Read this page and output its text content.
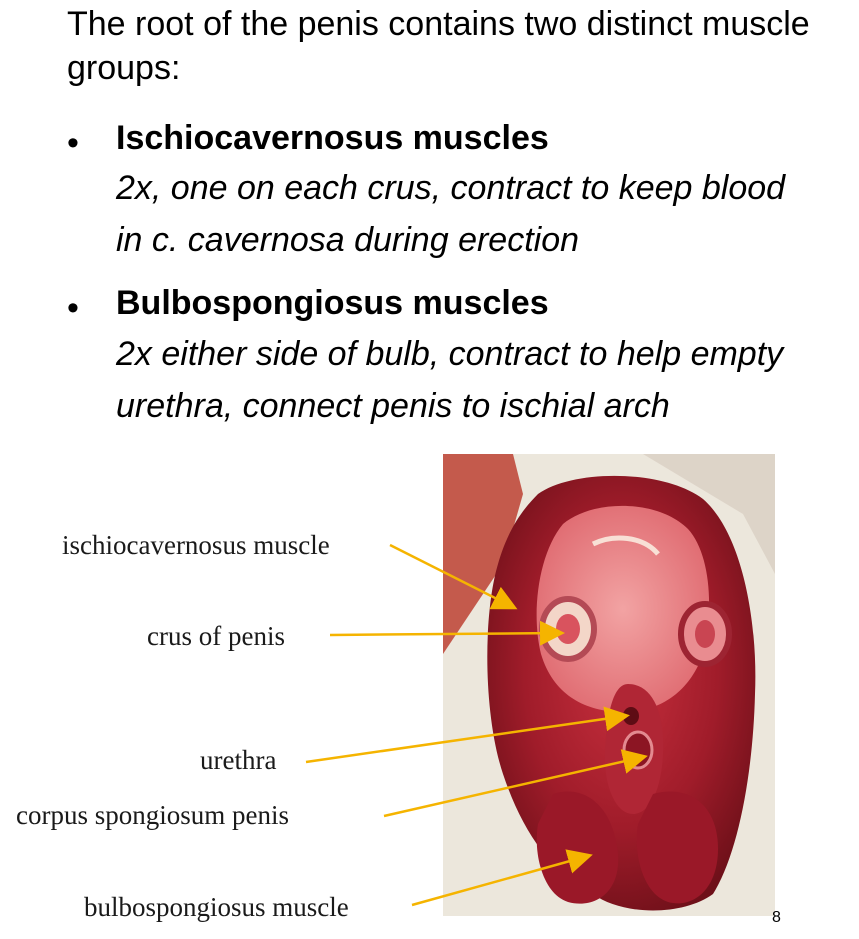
The root of the penis contains two distinct muscle groups:

•	Ischiocavernosus muscles
2x, one on each crus, contract to keep blood in c. cavernosa during erection
•	Bulbospongiosus muscles
2x either side of bulb, contract to help empty urethra, connect penis to ischial arch
ischiocavernosus muscle
crus of penis
urethra
corpus spongiosum penis
bulbospongiosus muscle	8
